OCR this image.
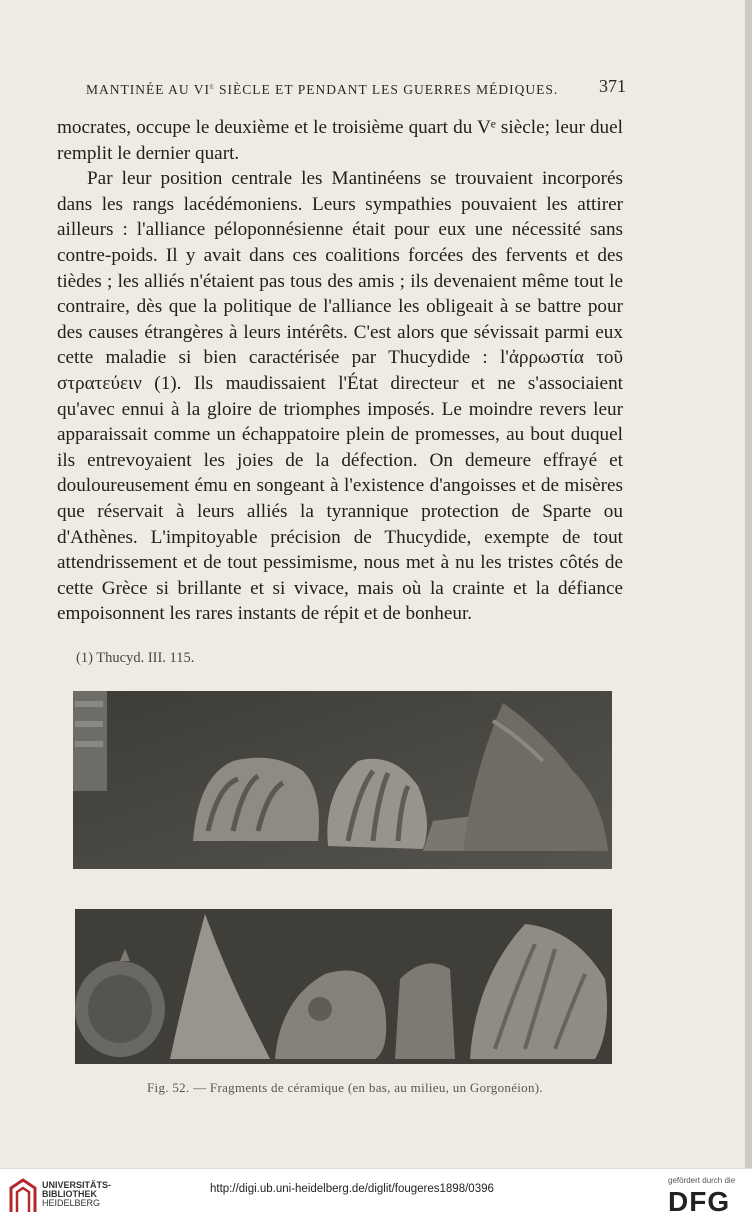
MANTINÉE AU VIe SIÈCLE ET PENDANT LES GUERRES MÉDIQUES. 371

mocrates, occupe le deuxième et le troisième quart du Vᵉ siècle; leur duel remplit le dernier quart.

Par leur position centrale les Mantinéens se trouvaient incorporés dans les rangs lacédémoniens. Leurs sympathies pouvaient les attirer ailleurs : l'alliance péloponnésienne était pour eux une nécessité sans contre-poids. Il y avait dans ces coalitions forcées des fervents et des tièdes ; les alliés n'étaient pas tous des amis ; ils devenaient même tout le contraire, dès que la politique de l'alliance les obligeait à se battre pour des causes étrangères à leurs intérêts. C'est alors que sévissait parmi eux cette maladie si bien caractérisée par Thucydide : l'ἀρρωστία τοῦ στρατεύειν (1). Ils maudissaient l'État directeur et ne s'associaient qu'avec ennui à la gloire de triomphes imposés. Le moindre revers leur apparaissait comme un échappatoire plein de promesses, au bout duquel ils entrevoyaient les joies de la défection. On demeure effrayé et douloureusement ému en songeant à l'existence d'angoisses et de misères que réservait à leurs alliés la tyrannique protection de Sparte ou d'Athènes. L'impitoyable précision de Thucydide, exempte de tout attendrissement et de tout pessimisme, nous met à nu les tristes côtés de cette Grèce si brillante et si vivace, mais où la crainte et la défiance empoisonnent les rares instants de répit et de bonheur.

(1) Thucyd. III. 115.
Fig. 52. — Fragments de céramique (en bas, au milieu, un Gorgonéion).
UNIVERSITÄTS-
BIBLIOTHEK
HEIDELBERG
http://digi.ub.uni-heidelberg.de/diglit/fougeres1898/0396
gefördert durch die
DFG
